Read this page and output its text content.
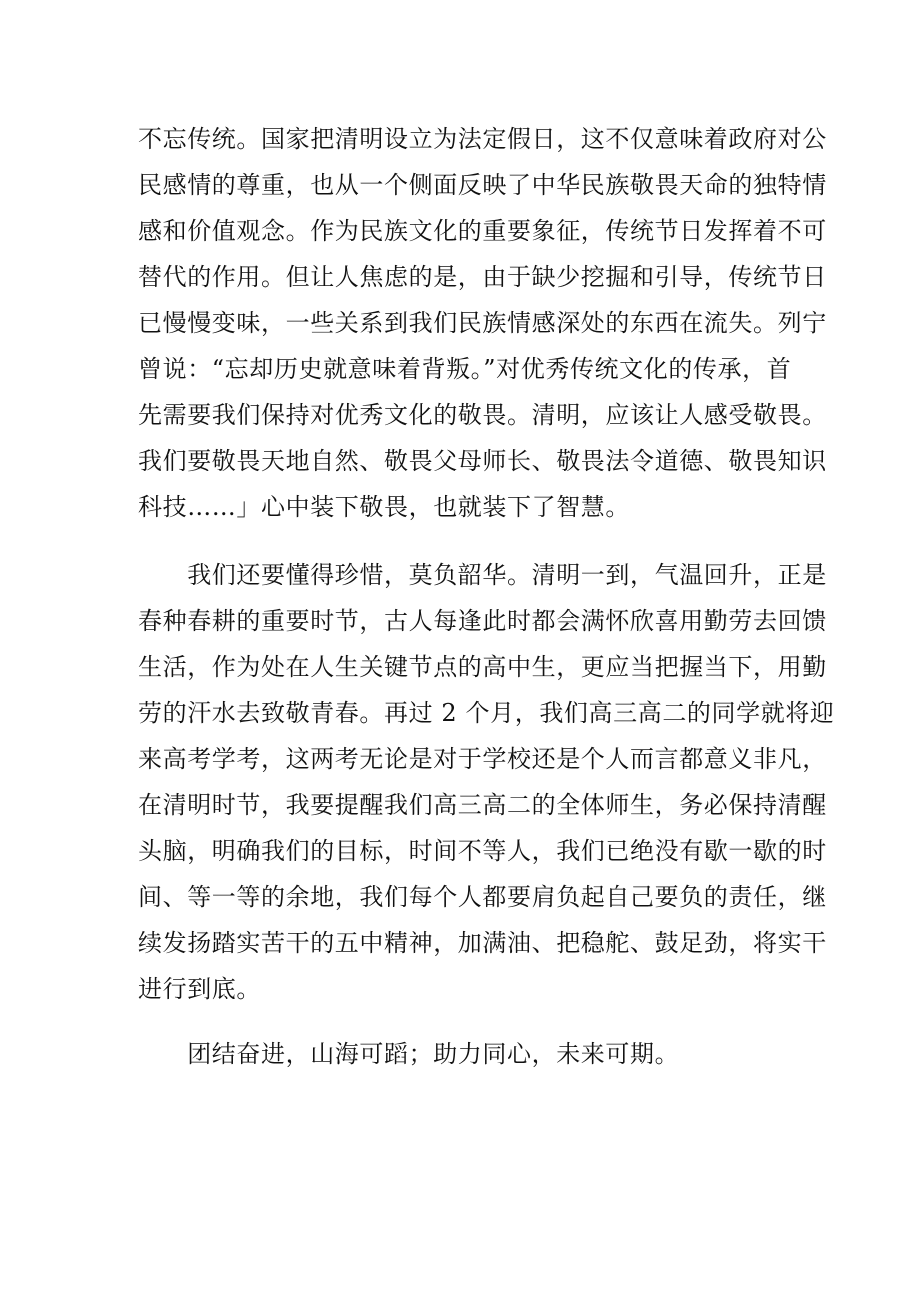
不忘传统。国家把清明设立为法定假日，这不仅意味着政府对公
民感情的尊重，也从一个侧面反映了中华民族敬畏天命的独特情
感和价值观念。作为民族文化的重要象征，传统节日发挥着不可
替代的作用。但让人焦虑的是，由于缺少挖掘和引导，传统节日
已慢慢变味，一些关系到我们民族情感深处的东西在流失。列宁
曾说：“忘却历史就意味着背叛。”对优秀传统文化的传承，首
先需要我们保持对优秀文化的敬畏。清明，应该让人感受敬畏。
我们要敬畏天地自然、敬畏父母师长、敬畏法令道德、敬畏知识
科技……」心中装下敬畏，也就装下了智慧。
　　我们还要懂得珍惜，莫负韶华。清明一到，气温回升，正是
春种春耕的重要时节，古人每逢此时都会满怀欣喜用勤劳去回馈
生活，作为处在人生关键节点的高中生，更应当把握当下，用勤
劳的汗水去致敬青春。再过 2 个月，我们高三高二的同学就将迎
来高考学考，这两考无论是对于学校还是个人而言都意义非凡，
在清明时节，我要提醒我们高三高二的全体师生，务必保持清醒
头脑，明确我们的目标，时间不等人，我们已绝没有歇一歇的时
间、等一等的余地，我们每个人都要肩负起自己要负的责任，继
续发扬踏实苦干的五中精神，加满油、把稳舵、鼓足劲，将实干
进行到底。
　　团结奋进，山海可蹈；助力同心，未来可期。
